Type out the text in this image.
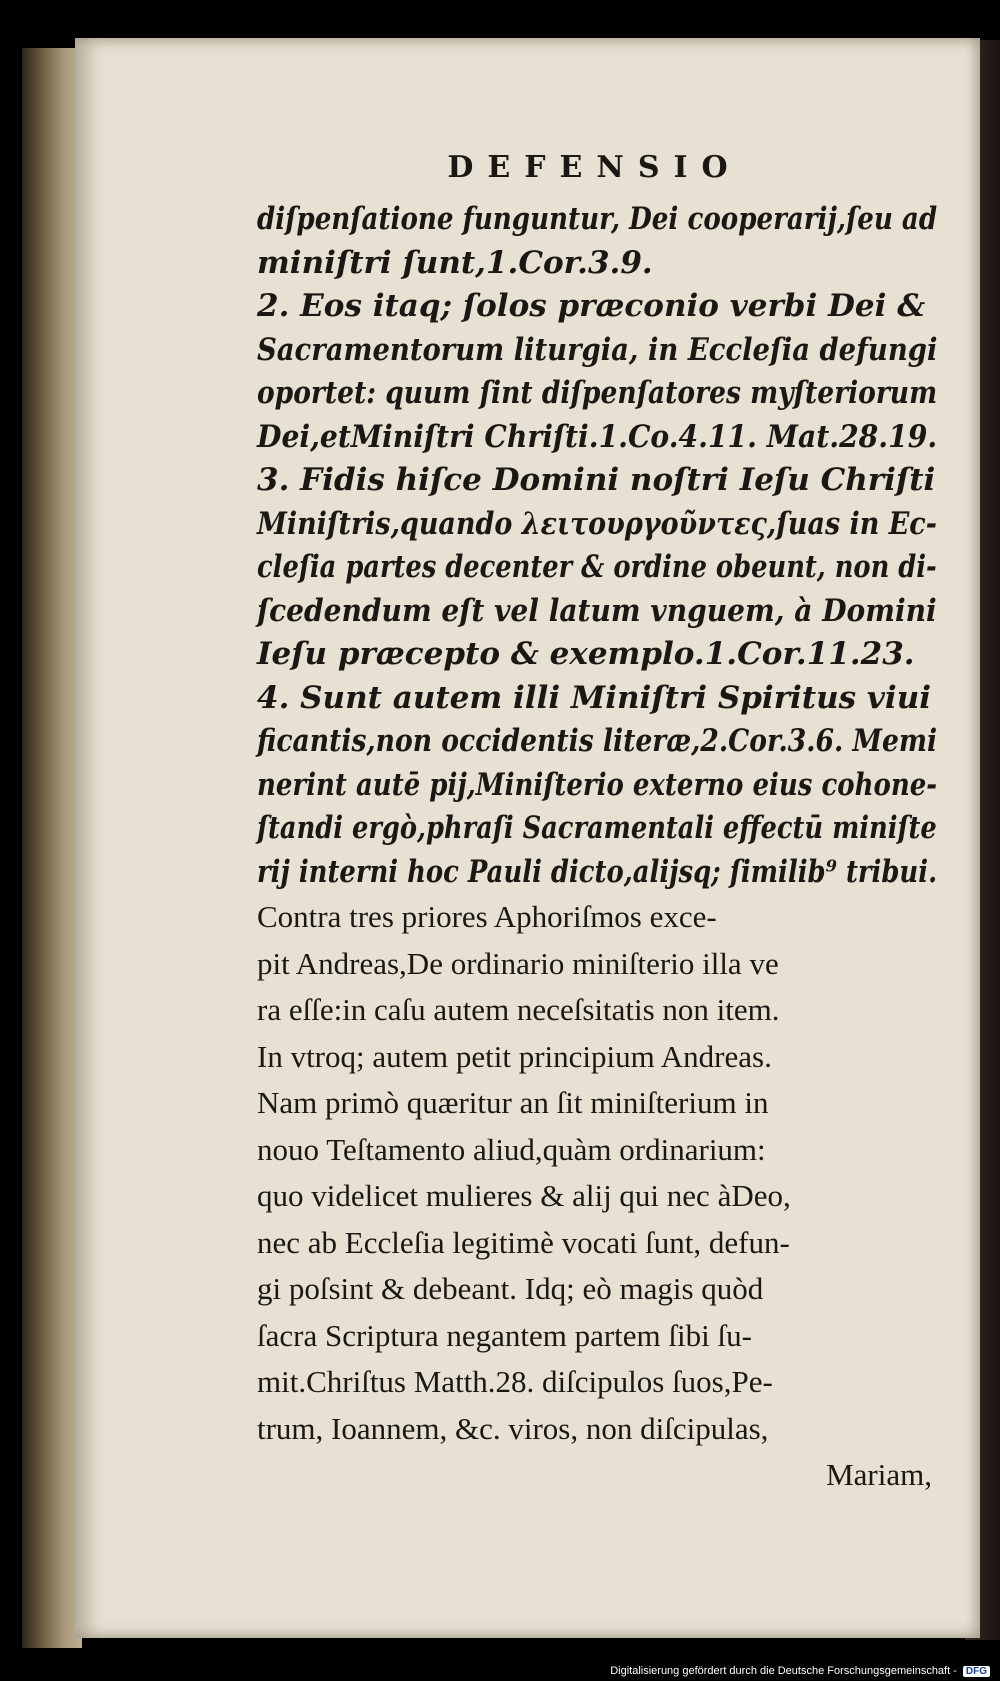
DEFENSIO
diſpenſatione funguntur, Dei cooperarij,ſeu ad
miniſtri ſunt,1.Cor.3.9.
2. Eos itaq; ſolos præconio verbi Dei &
Sacramentorum liturgia, in Eccleſia defungi
oportet: quum ſint diſpenſatores myſteriorum
Dei,etMiniſtri Chriſti.1.Co.4.11. Mat.28.19.
3. Fidis hiſce Domini noſtri Ieſu Chriſti
Miniſtris,quando λειτουργοῦντες,ſuas in Ec-
cleſia partes decenter & ordine obeunt, non di-
ſcedendum eſt vel latum vnguem, à Domini
Ieſu præcepto & exemplo.1.Cor.11.23.
4. Sunt autem illi Miniſtri Spiritus viui
ficantis,non occidentis literæ,2.Cor.3.6. Memi
nerint autē pij,Miniſterio externo eius cohone-
ſtandi ergò,phraſi Sacramentali effectū miniſte
rij interni hoc Pauli dicto,alijsq; ſimilib⁹ tribui.
Contra tres priores Aphoriſmos exce-
pit Andreas,De ordinario miniſterio illa ve
ra eſſe:in caſu autem neceſsitatis non item.
In vtroq; autem petit principium Andreas.
Nam primò quæritur an ſit miniſterium in
nouo Teſtamento aliud,quàm ordinarium:
quo videlicet mulieres & alij qui nec àDeo,
nec ab Eccleſia legitimè vocati ſunt, defun-
gi poſsint & debeant. Idq; eò magis quòd
ſacra Scriptura negantem partem ſibi ſu-
mit.Chriſtus Matth.28. diſcipulos ſuos,Pe-
trum, Ioannem, &c. viros, non diſcipulas,
Mariam,
Digitalisierung gefördert durch die Deutsche Forschungsgemeinschaft - DFG
